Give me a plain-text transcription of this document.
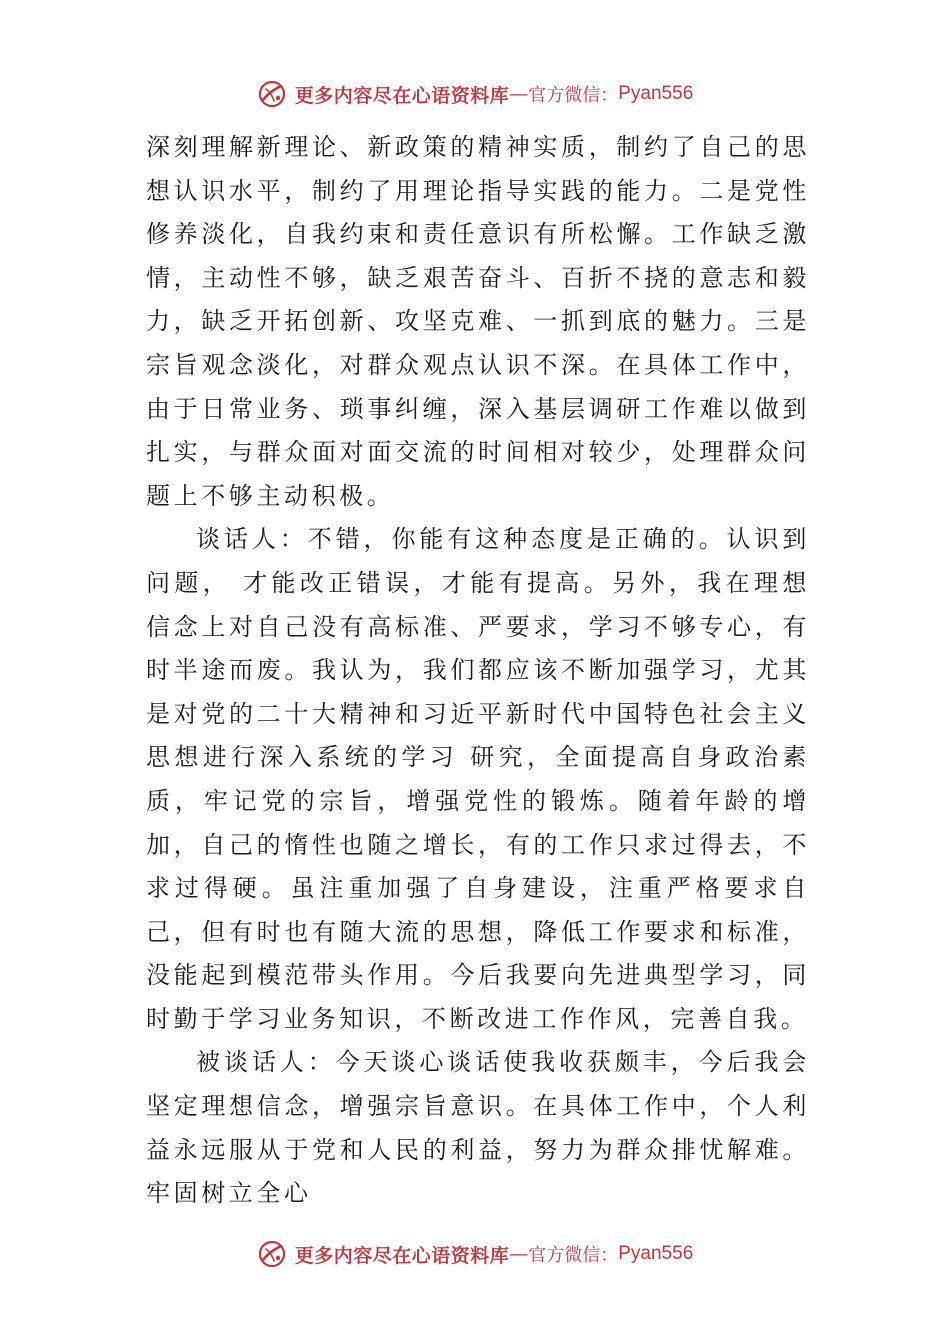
更多内容尽在心语资料库 — 官方微信： Pyan556

深刻理解新理论、新政策的精神实质，制约了自己的思想认识水平，制约了用理论指导实践的能力。二是党性修养淡化，自我约束和责任意识有所松懈。工作缺乏激情，主动性不够，缺乏艰苦奋斗、百折不挠的意志和毅力，缺乏开拓创新、攻坚克难、一抓到底的魅力。三是宗旨观念淡化，对群众观点认识不深。在具体工作中，由于日常业务、琐事纠缠，深入基层调研工作难以做到扎实，与群众面对面交流的时间相对较少，处理群众问题上不够主动积极。

谈话人：不错，你能有这种态度是正确的。认识到问题， 才能改正错误，才能有提高。另外，我在理想信念上对自己没有高标准、严要求，学习不够专心，有时半途而废。我认为，我们都应该不断加强学习，尤其是对党的二十大精神和习近平新时代中国特色社会主义思想进行深入系统的学习 研究，全面提高自身政治素质，牢记党的宗旨，增强党性的锻炼。随着年龄的增加，自己的惰性也随之增长，有的工作只求过得去，不求过得硬。虽注重加强了自身建设，注重严格要求自己，但有时也有随大流的思想，降低工作要求和标准，没能起到模范带头作用。今后我要向先进典型学习，同时勤于学习业务知识，不断改进工作作风，完善自我。

被谈话人：今天谈心谈话使我收获颇丰，今后我会坚定理想信念，增强宗旨意识。在具体工作中，个人利益永远服从于党和人民的利益，努力为群众排忧解难。牢固树立全心

更多内容尽在心语资料库 — 官方微信： Pyan556
